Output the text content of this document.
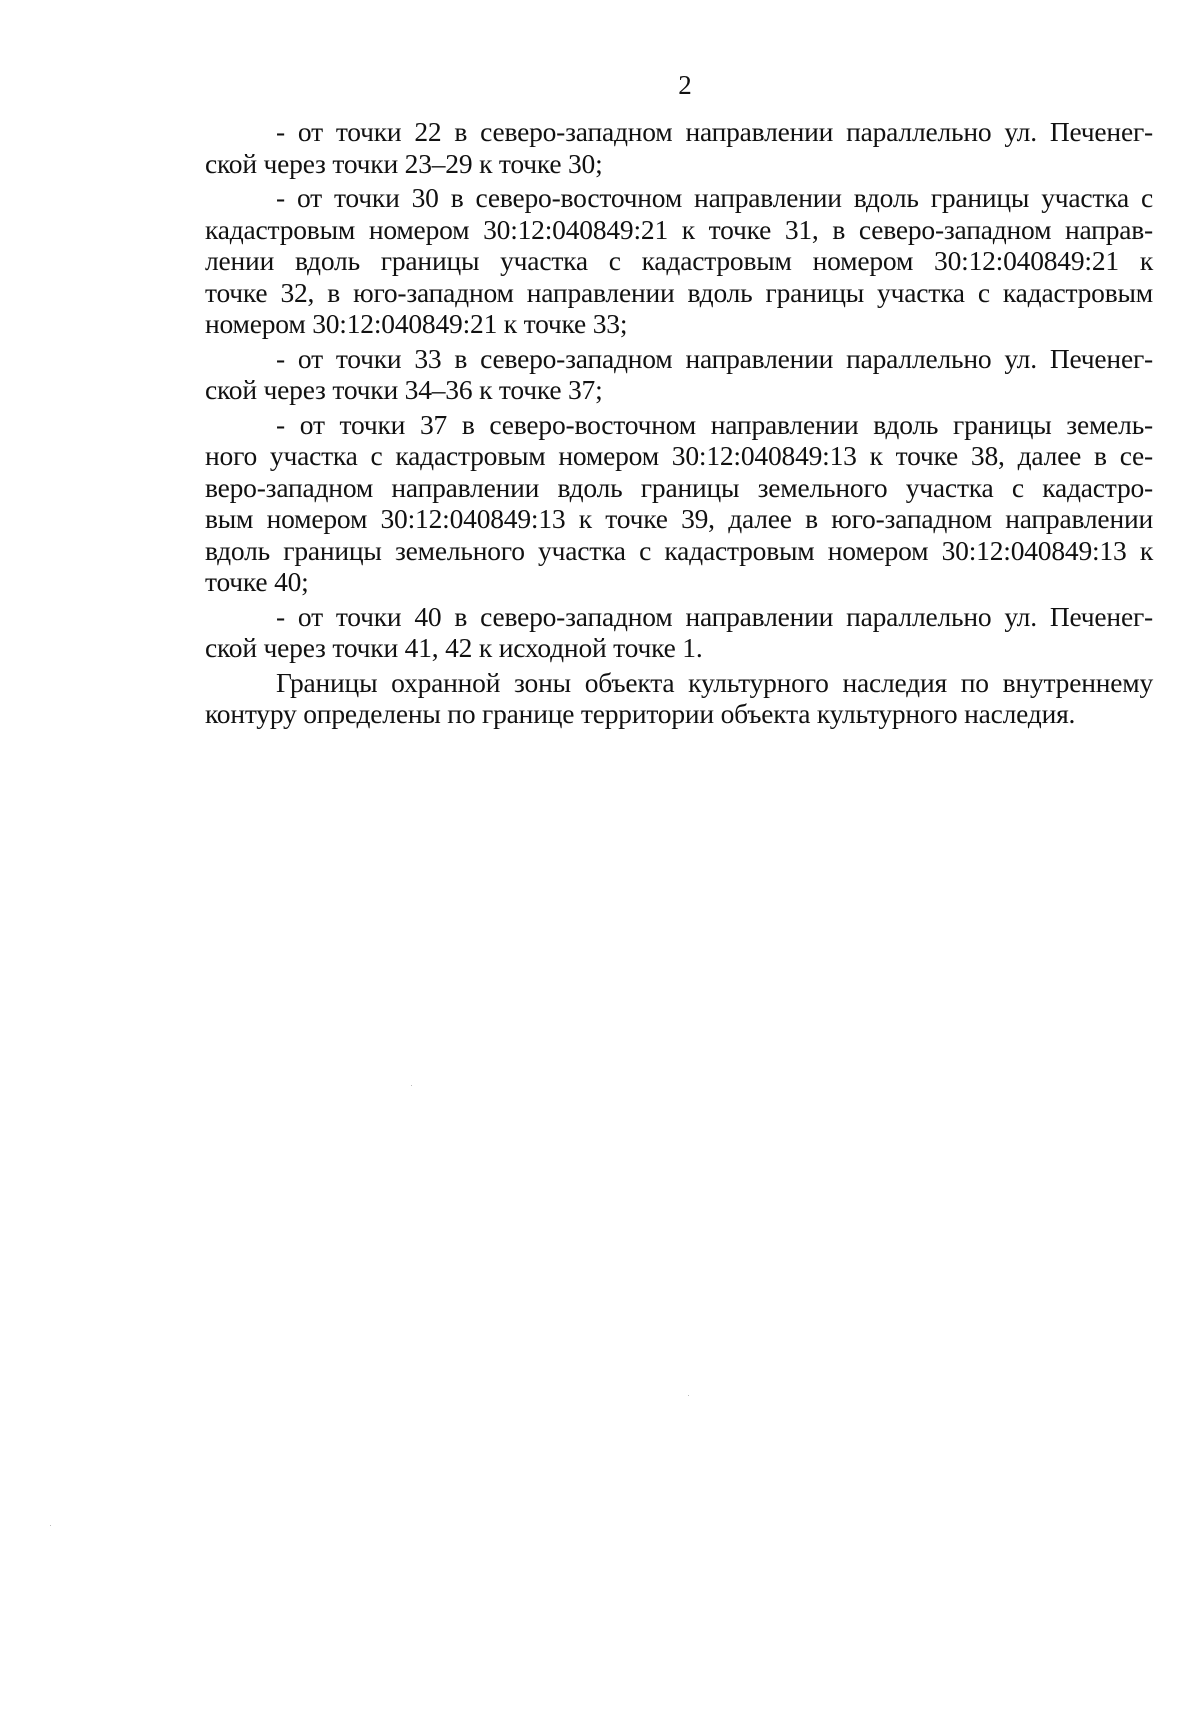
2

- от точки 22 в северо-западном направлении параллельно ул. Печенег-
ской через точки 23–29 к точке 30;

- от точки 30 в северо-восточном направлении вдоль границы участка с
кадастровым номером 30:12:040849:21 к точке 31, в северо-западном направ-
лении вдоль границы участка с кадастровым номером 30:12:040849:21 к
точке 32, в юго-западном направлении вдоль границы участка с кадастровым
номером 30:12:040849:21 к точке 33;

- от точки 33 в северо-западном направлении параллельно ул. Печенег-
ской через точки 34–36 к точке 37;

- от точки 37 в северо-восточном направлении вдоль границы земель-
ного участка с кадастровым номером 30:12:040849:13 к точке 38, далее в се-
веро-западном направлении вдоль границы земельного участка с кадастро-
вым номером 30:12:040849:13 к точке 39, далее в юго-западном направлении
вдоль границы земельного участка с кадастровым номером 30:12:040849:13 к
точке 40;

- от точки 40 в северо-западном направлении параллельно ул. Печенег-
ской через точки 41, 42 к исходной точке 1.

Границы охранной зоны объекта культурного наследия по внутреннему
контуру определены по границе территории объекта культурного наследия.
